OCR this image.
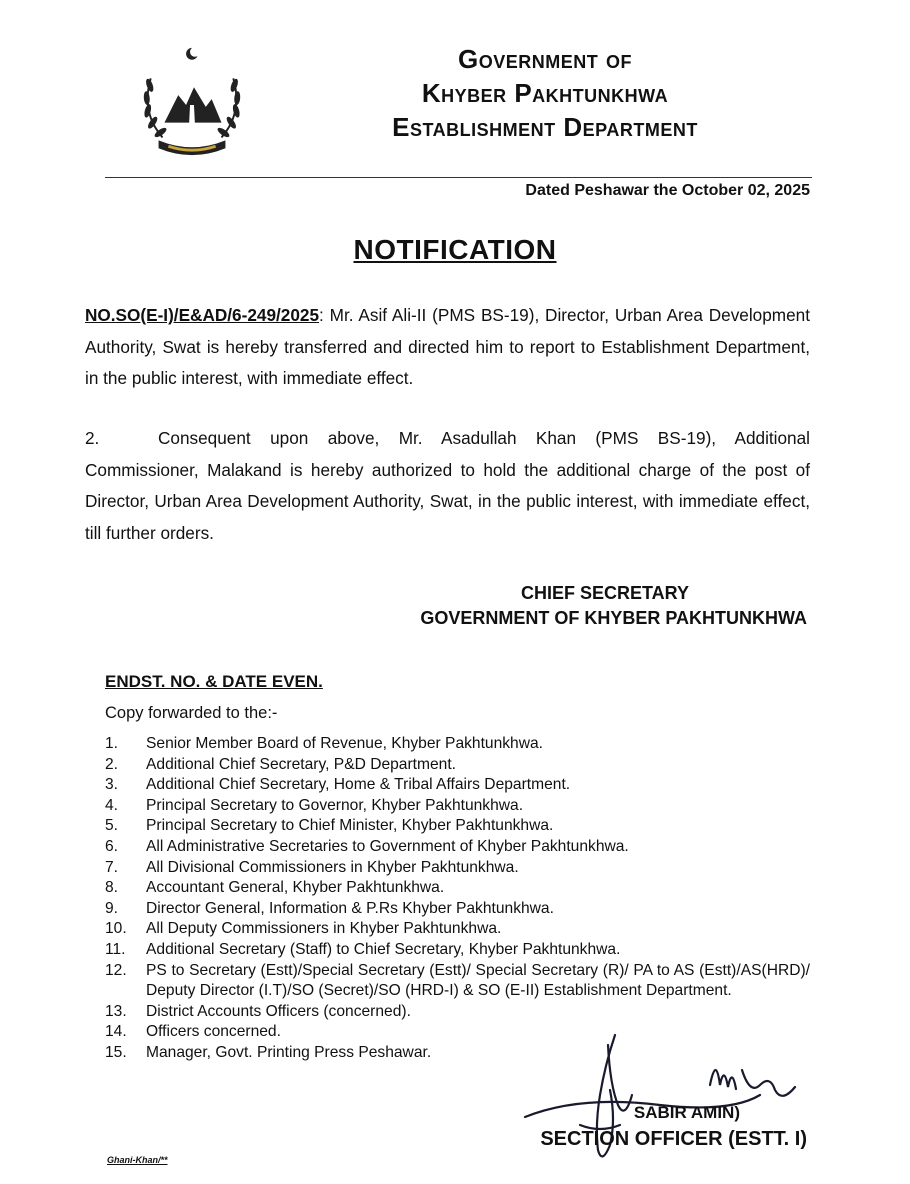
Government of
Khyber Pakhtunkhwa
Establishment Department
Dated Peshawar the October 02, 2025
NOTIFICATION
NO.SO(E-I)/E&AD/6-249/2025: Mr. Asif Ali-II (PMS BS-19), Director, Urban Area Development Authority, Swat is hereby transferred and directed him to report to Establishment Department, in the public interest, with immediate effect.
2.	Consequent upon above, Mr. Asadullah Khan (PMS BS-19), Additional Commissioner, Malakand is hereby authorized to hold the additional charge of the post of Director, Urban Area Development Authority, Swat, in the public interest, with immediate effect, till further orders.
CHIEF SECRETARY
GOVERNMENT OF KHYBER PAKHTUNKHWA
ENDST. NO. & DATE EVEN.
Copy forwarded to the:-
1.	Senior Member Board of Revenue, Khyber Pakhtunkhwa.
2.	Additional Chief Secretary, P&D Department.
3.	Additional Chief Secretary, Home & Tribal Affairs Department.
4.	Principal Secretary to Governor, Khyber Pakhtunkhwa.
5.	Principal Secretary to Chief Minister, Khyber Pakhtunkhwa.
6.	All Administrative Secretaries to Government of Khyber Pakhtunkhwa.
7.	All Divisional Commissioners in Khyber Pakhtunkhwa.
8.	Accountant General, Khyber Pakhtunkhwa.
9.	Director General, Information & P.Rs Khyber Pakhtunkhwa.
10.	All Deputy Commissioners in Khyber Pakhtunkhwa.
11.	Additional Secretary (Staff) to Chief Secretary, Khyber Pakhtunkhwa.
12.	PS to Secretary (Estt)/Special Secretary (Estt)/ Special Secretary (R)/ PA to AS (Estt)/AS(HRD)/ Deputy Director (I.T)/SO (Secret)/SO (HRD-I) & SO (E-II) Establishment Department.
13.	District Accounts Officers (concerned).
14.	Officers concerned.
15.	Manager, Govt. Printing Press Peshawar.
SABIR AMIN)
SECTION OFFICER (ESTT. I)
Ghani-Khan/**
